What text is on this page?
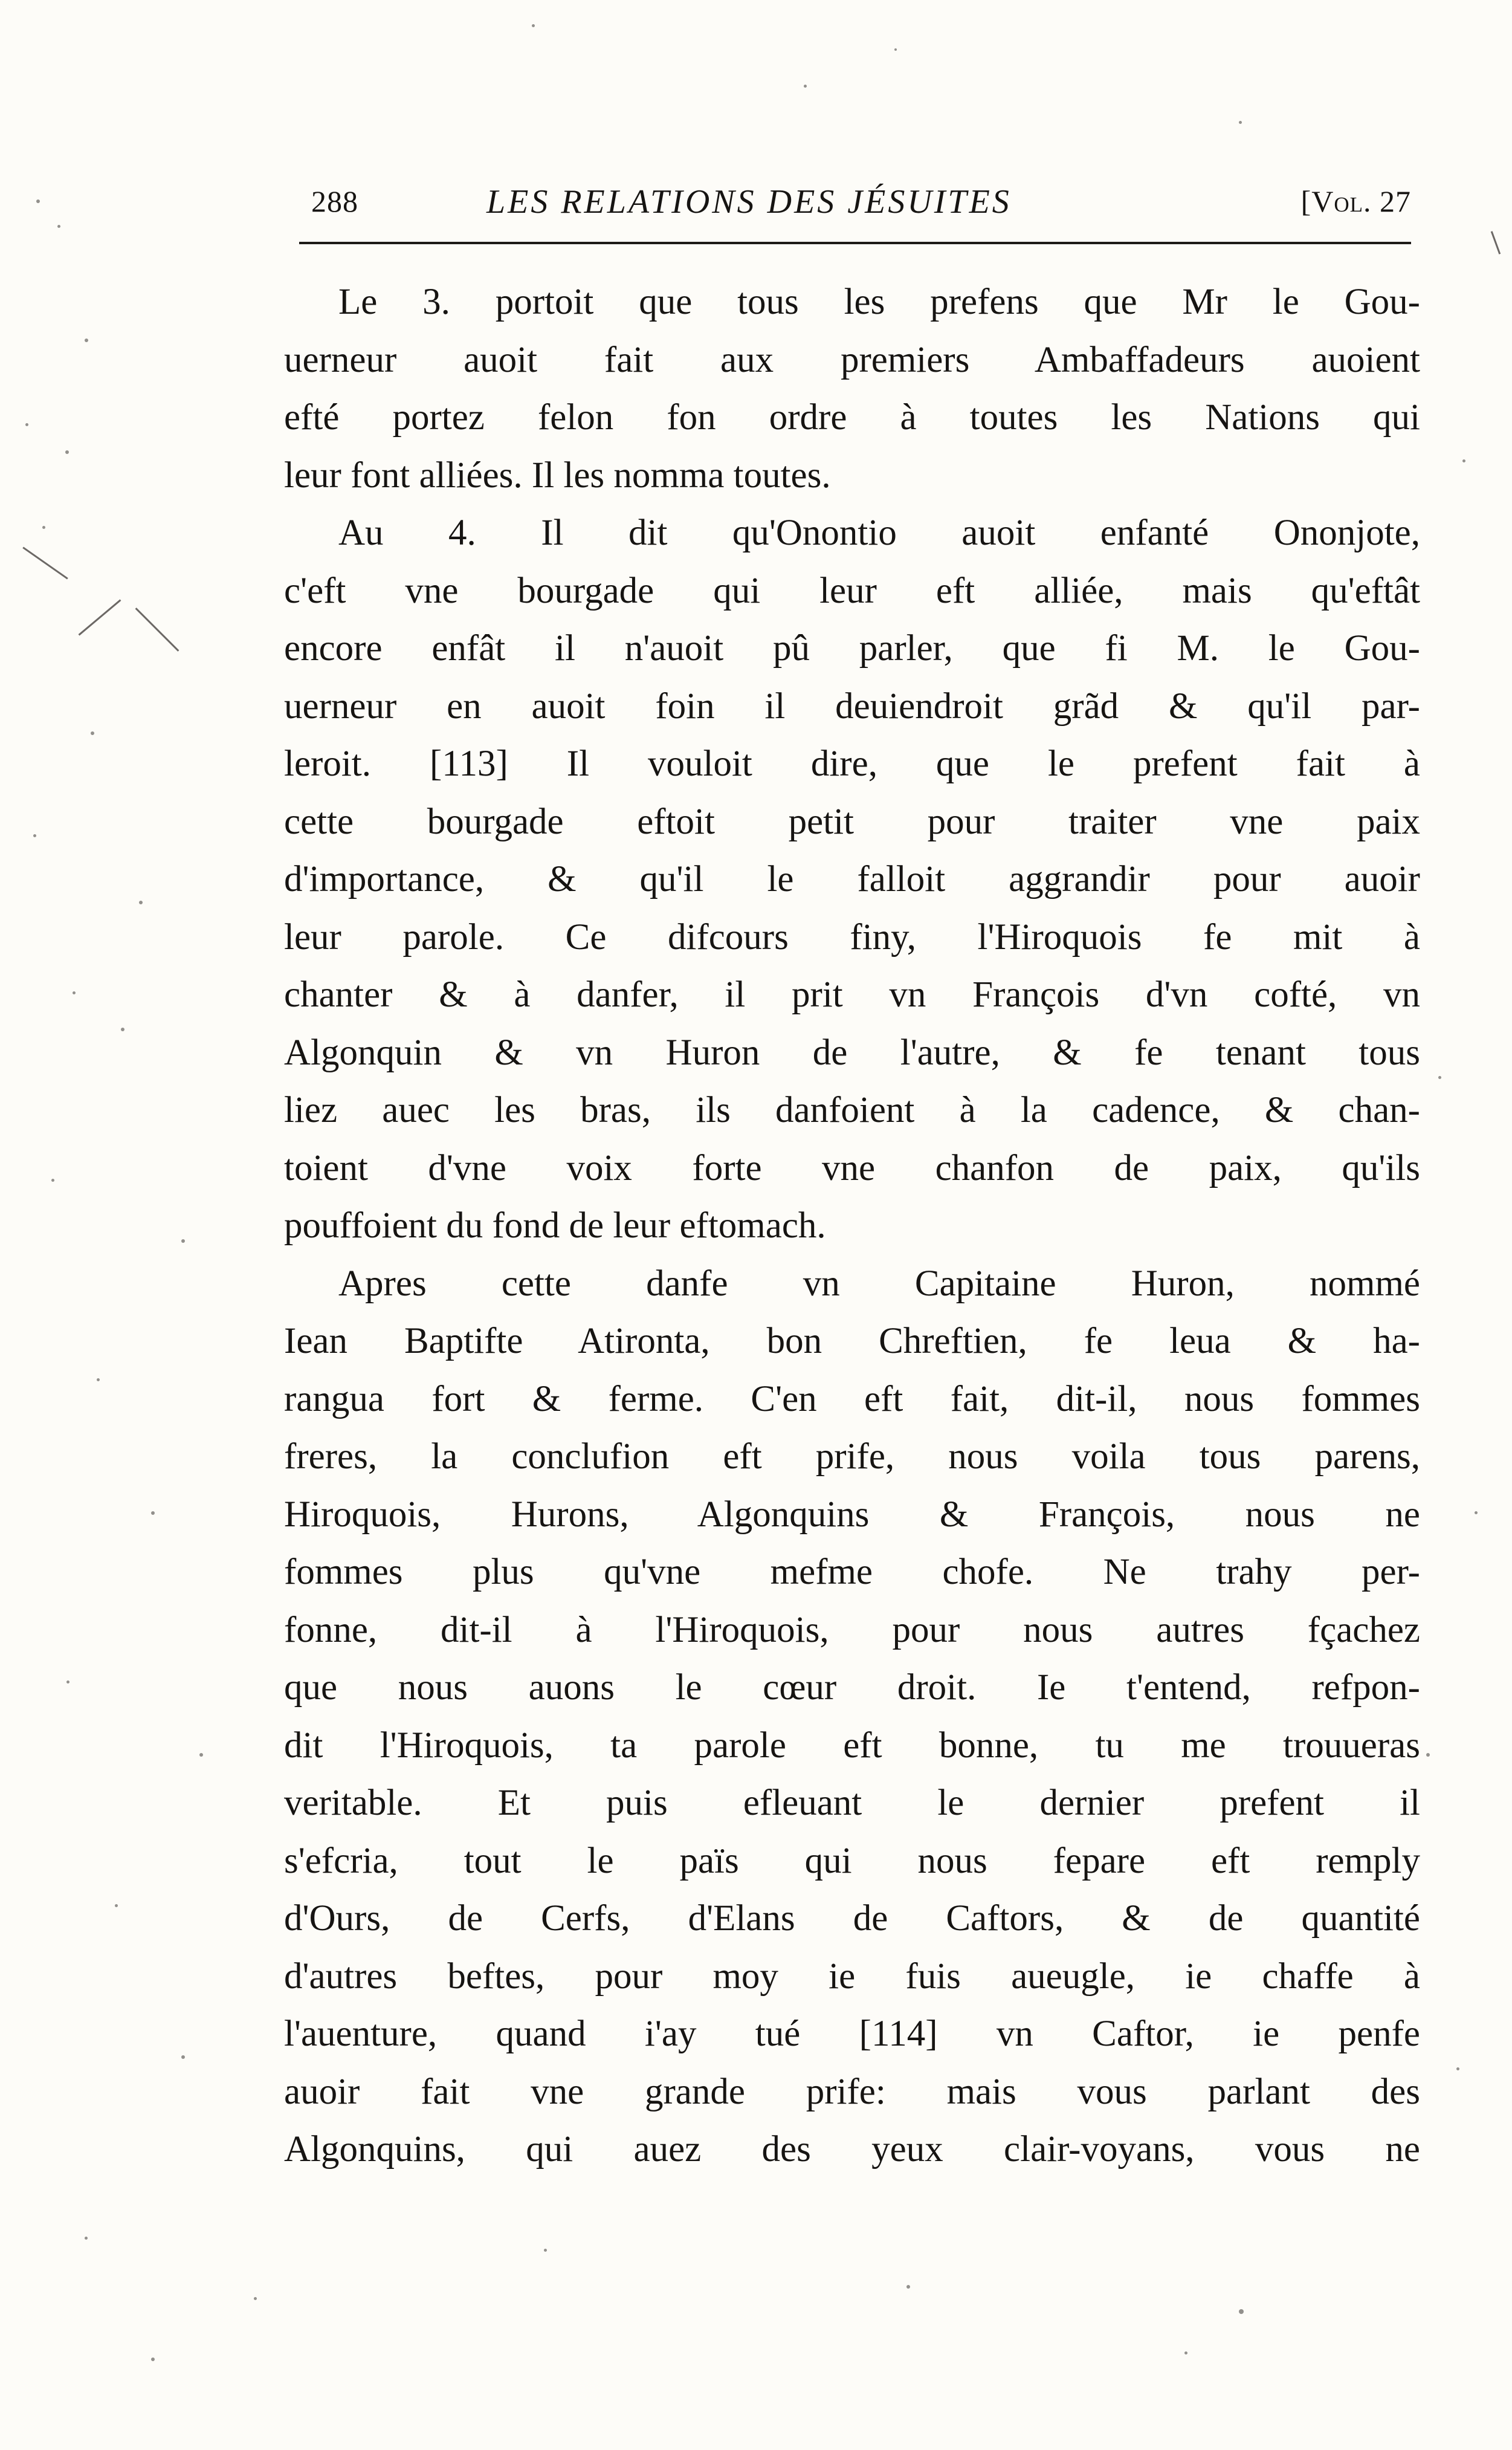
288	LES RELATIONS DES JÉSUITES	[Vol. 27
Le 3. portoit que tous les prefens que Mr le Gou-
uerneur auoit fait aux premiers Ambaffadeurs auoient
efté portez felon fon ordre à toutes les Nations qui
leur font alliées. Il les nomma toutes.
Au 4. Il dit qu'Onontio auoit enfanté Ononjote,
c'eft vne bourgade qui leur eft alliée, mais qu'eftât
encore enfât il n'auoit pû parler, que fi M. le Gou-
uerneur en auoit foin il deuiendroit grãd & qu'il par-
leroit. [113] Il vouloit dire, que le prefent fait à
cette bourgade eftoit petit pour traiter vne paix
d'importance, & qu'il le falloit aggrandir pour auoir
leur parole. Ce difcours finy, l'Hiroquois fe mit à
chanter & à danfer, il prit vn François d'vn cofté, vn
Algonquin & vn Huron de l'autre, & fe tenant tous
liez auec les bras, ils danfoient à la cadence, & chan-
toient d'vne voix forte vne chanfon de paix, qu'ils
pouffoient du fond de leur eftomach.
Apres cette danfe vn Capitaine Huron, nommé
Iean Baptifte Atironta, bon Chreftien, fe leua & ha-
rangua fort & ferme. C'en eft fait, dit-il, nous fommes
freres, la conclufion eft prife, nous voila tous parens,
Hiroquois, Hurons, Algonquins & François, nous ne
fommes plus qu'vne mefme chofe. Ne trahy per-
fonne, dit-il à l'Hiroquois, pour nous autres fçachez
que nous auons le cœur droit. Ie t'entend, refpon-
dit l'Hiroquois, ta parole eft bonne, tu me trouueras
veritable. Et puis efleuant le dernier prefent il
s'efcria, tout le païs qui nous fepare eft remply
d'Ours, de Cerfs, d'Elans de Caftors, & de quantité
d'autres beftes, pour moy ie fuis aueugle, ie chaffe à
l'auenture, quand i'ay tué [114] vn Caftor, ie penfe
auoir fait vne grande prife: mais vous parlant des
Algonquins, qui auez des yeux clair-voyans, vous ne
